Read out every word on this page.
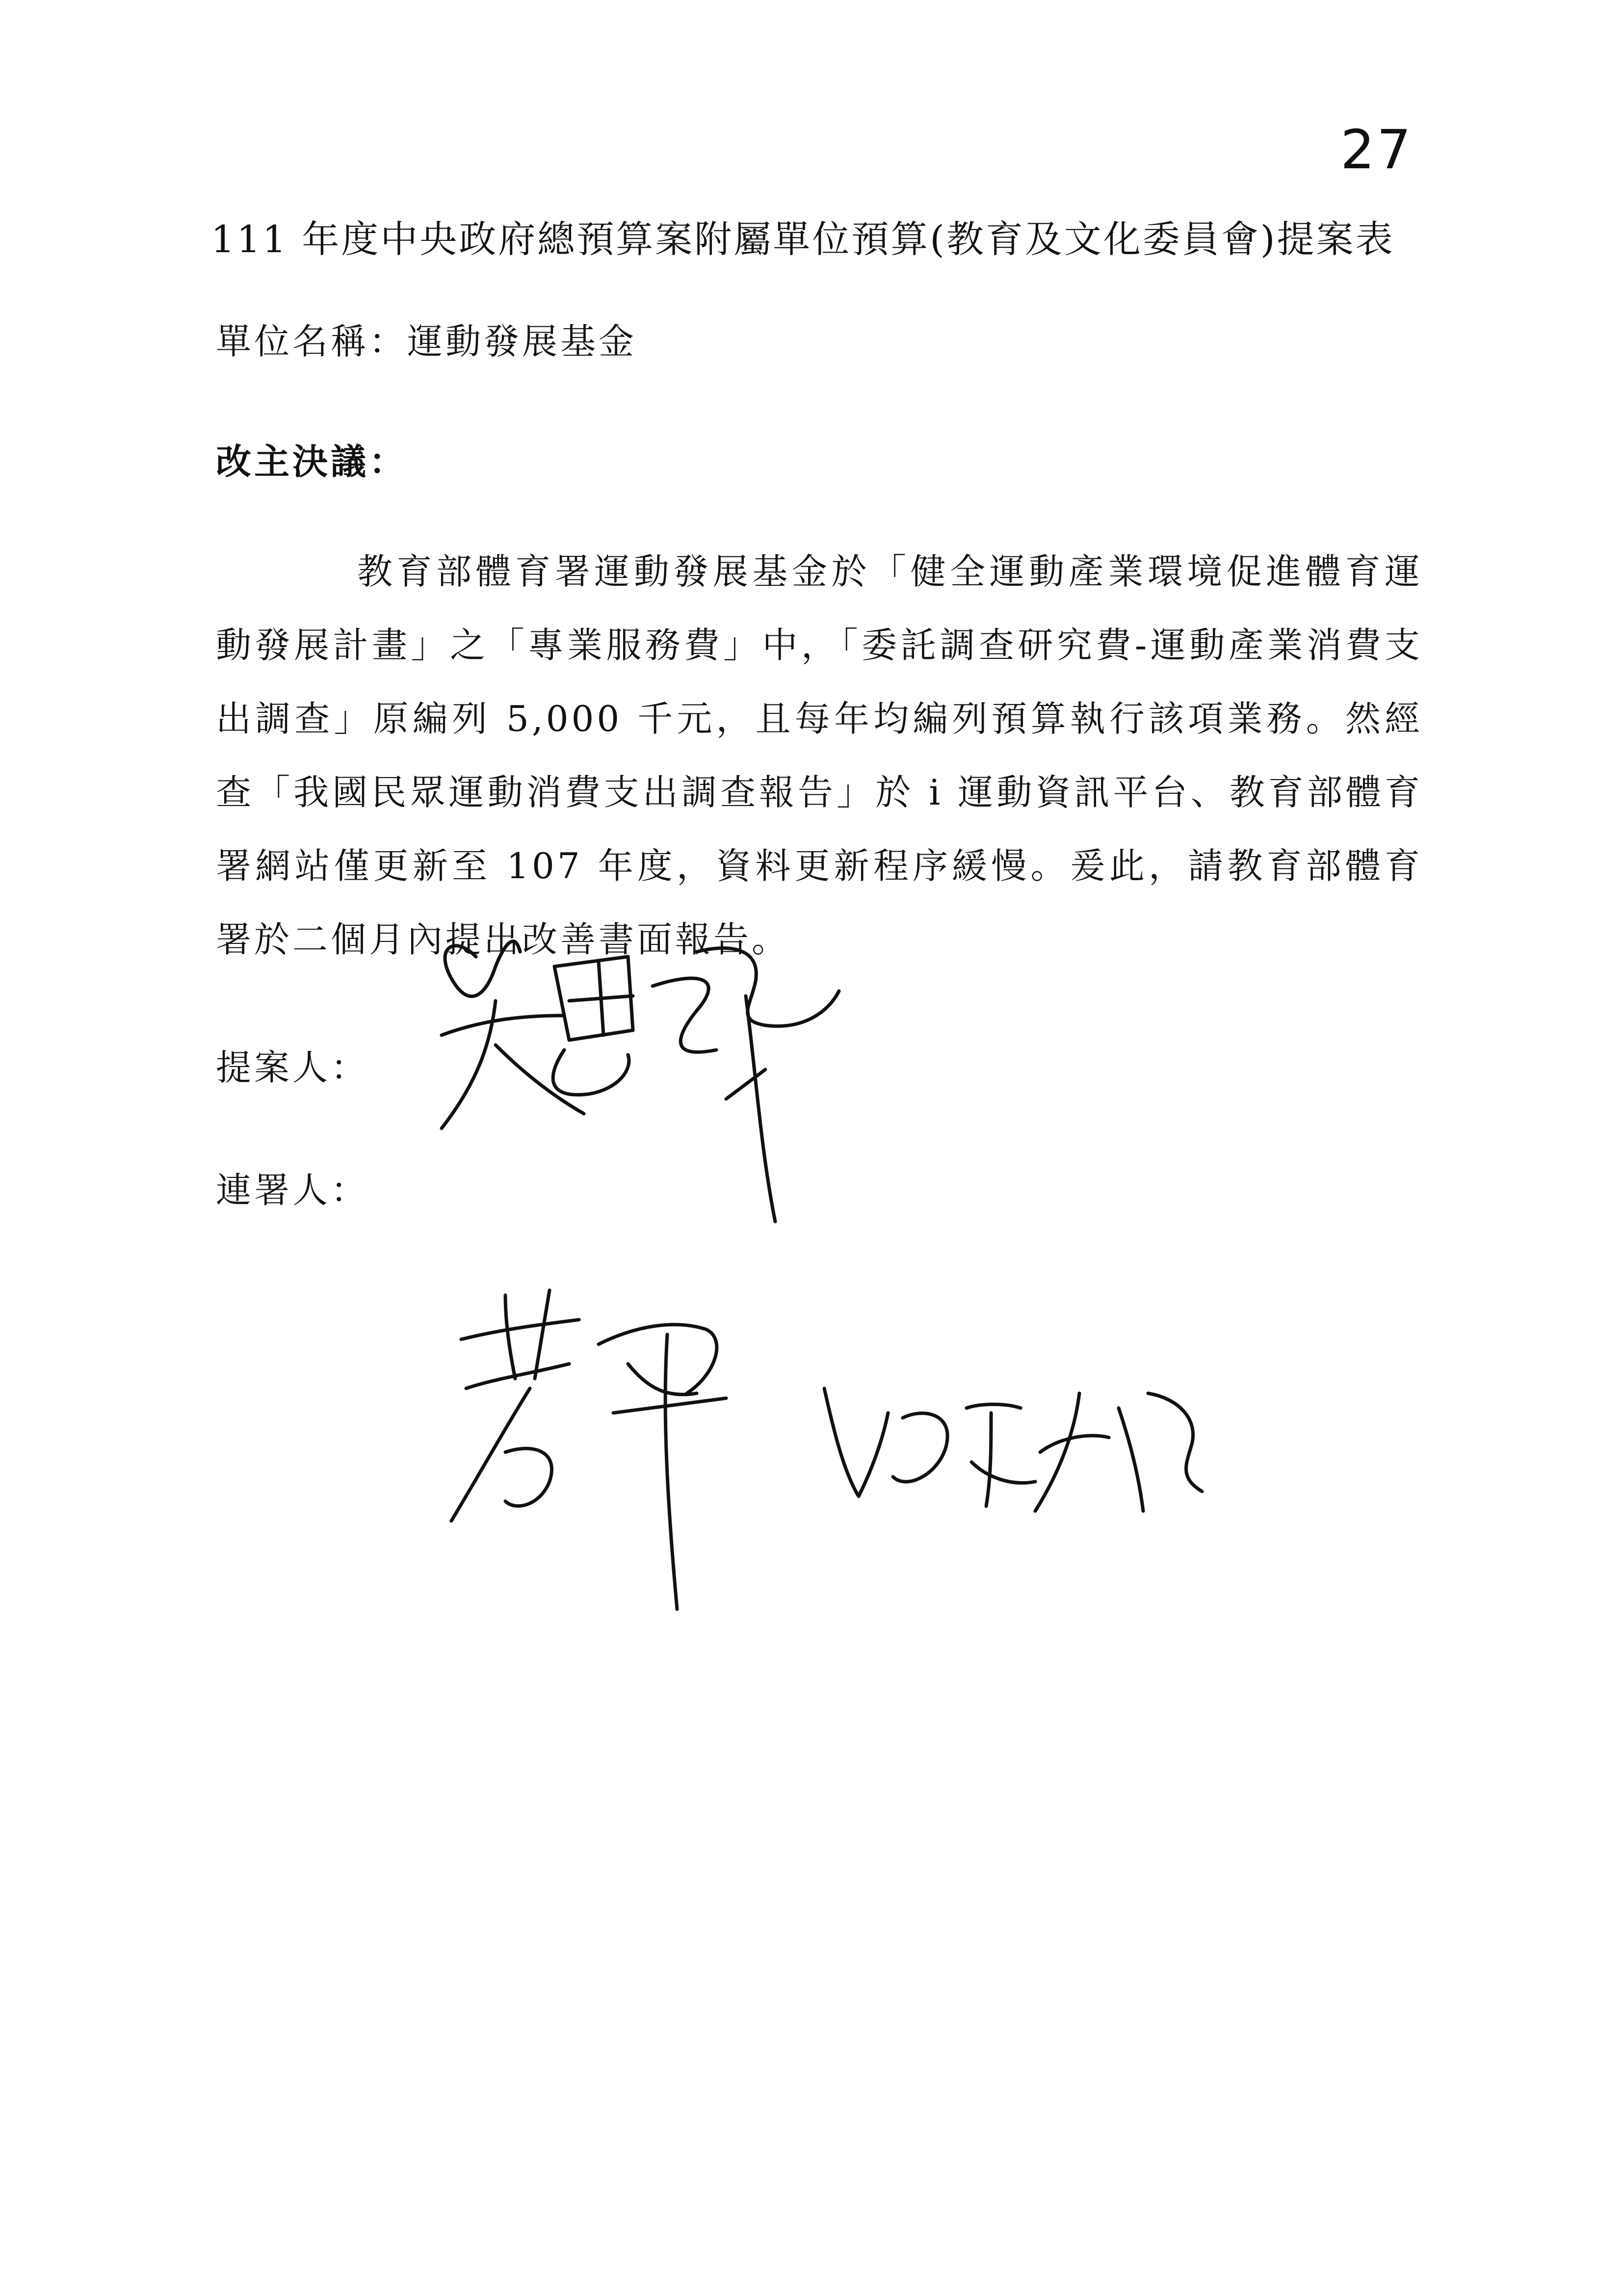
27
111 年度中央政府總預算案附屬單位預算(教育及文化委員會)提案表
單位名稱：運動發展基金
改主決議：

教育部體育署運動發展基金於「健全運動產業環境促進體育運動發展計畫」之「專業服務費」中，「委託調查研究費-運動產業消費支出調查」原編列 5,000 千元，且每年均編列預算執行該項業務。然經查「我國民眾運動消費支出調查報告」於 i 運動資訊平台、教育部體育署網站僅更新至 107 年度，資料更新程序緩慢。爰此，請教育部體育署於二個月內提出改善書面報告。

提案人：
連署人：
